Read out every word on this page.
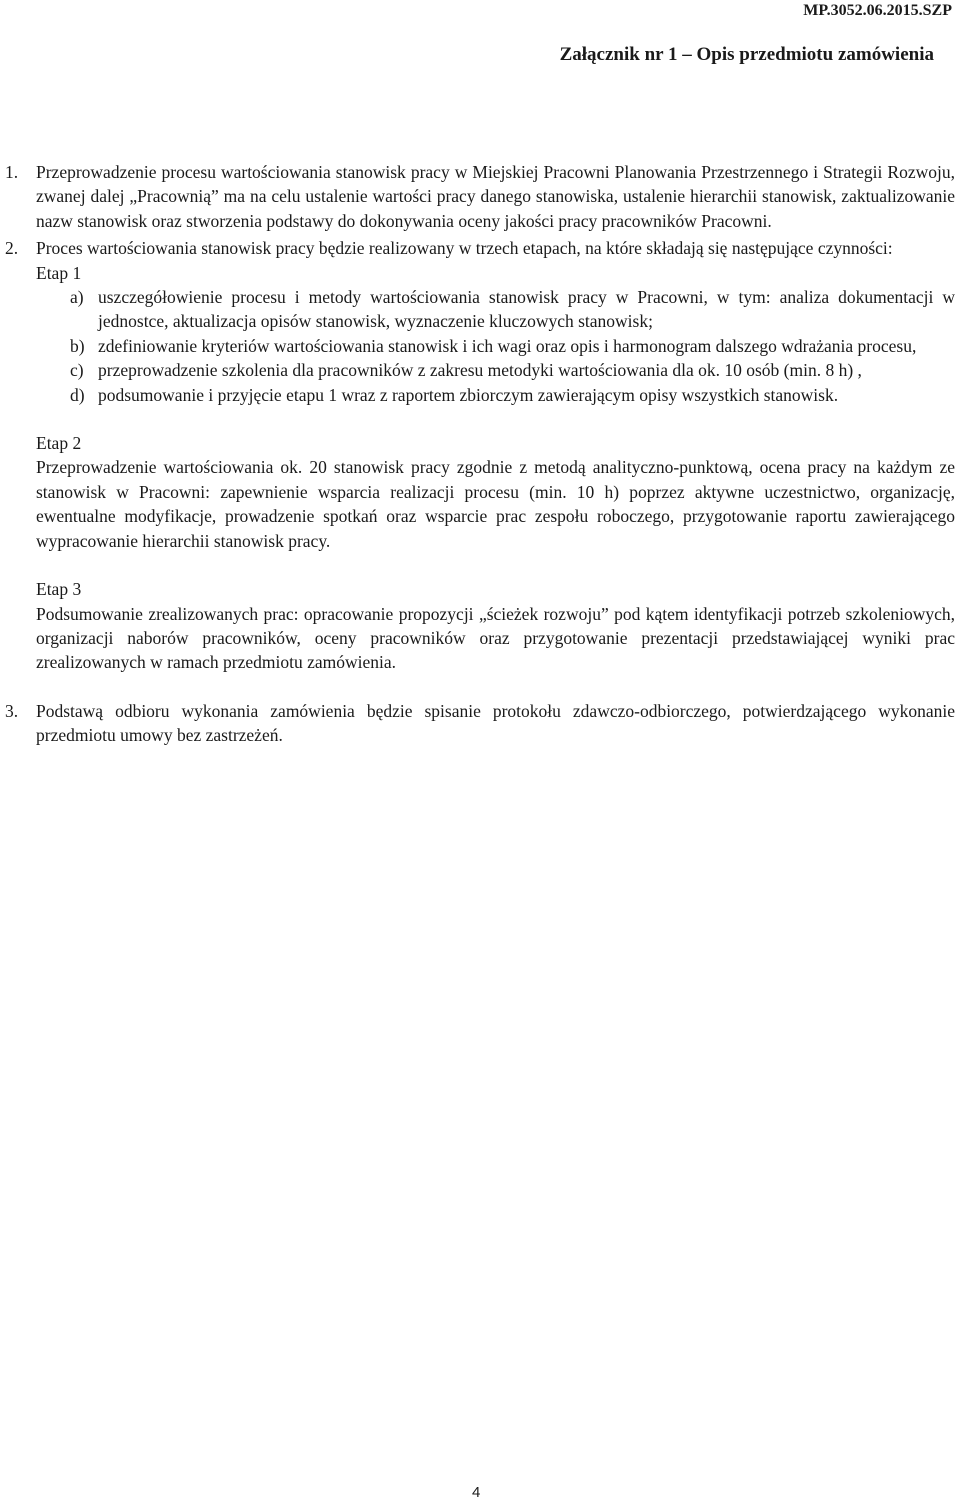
MP.3052.06.2015.SZP
Załącznik nr 1 – Opis przedmiotu zamówienia

1. Przeprowadzenie procesu wartościowania stanowisk pracy w Miejskiej Pracowni Planowania Przestrzennego i Strategii Rozwoju, zwanej dalej „Pracownią” ma na celu ustalenie wartości pracy danego stanowiska, ustalenie hierarchii stanowisk, zaktualizowanie nazw stanowisk oraz stworzenia podstawy do dokonywania oceny jakości pracy pracowników Pracowni.

2. Proces wartościowania stanowisk pracy będzie realizowany w trzech etapach, na które składają się następujące czynności:

Etap 1

a) uszczegółowienie procesu i metody wartościowania stanowisk pracy w Pracowni, w tym: analiza dokumentacji w jednostce, aktualizacja opisów stanowisk, wyznaczenie kluczowych stanowisk;

b) zdefiniowanie kryteriów wartościowania stanowisk i ich wagi oraz opis i harmonogram dalszego wdrażania procesu,

c) przeprowadzenie szkolenia dla pracowników z zakresu metodyki wartościowania dla ok. 10 osób (min. 8 h) ,

d) podsumowanie i przyjęcie etapu 1 wraz z raportem zbiorczym zawierającym opisy wszystkich stanowisk.

Etap 2

Przeprowadzenie wartościowania ok. 20 stanowisk pracy zgodnie z metodą analityczno-punktową, ocena pracy na każdym ze stanowisk w Pracowni: zapewnienie wsparcia realizacji procesu (min. 10 h) poprzez aktywne uczestnictwo, organizację, ewentualne modyfikacje, prowadzenie spotkań oraz wsparcie prac zespołu roboczego, przygotowanie raportu zawierającego wypracowanie hierarchii stanowisk pracy.

Etap 3

Podsumowanie zrealizowanych prac: opracowanie propozycji „ścieżek rozwoju” pod kątem identyfikacji potrzeb szkoleniowych, organizacji naborów pracowników, oceny pracowników oraz przygotowanie prezentacji przedstawiającej wyniki prac zrealizowanych w ramach przedmiotu zamówienia.

3. Podstawą odbioru wykonania zamówienia będzie spisanie protokołu zdawczo-odbiorczego, potwierdzającego wykonanie przedmiotu umowy bez zastrzeżeń.

4
